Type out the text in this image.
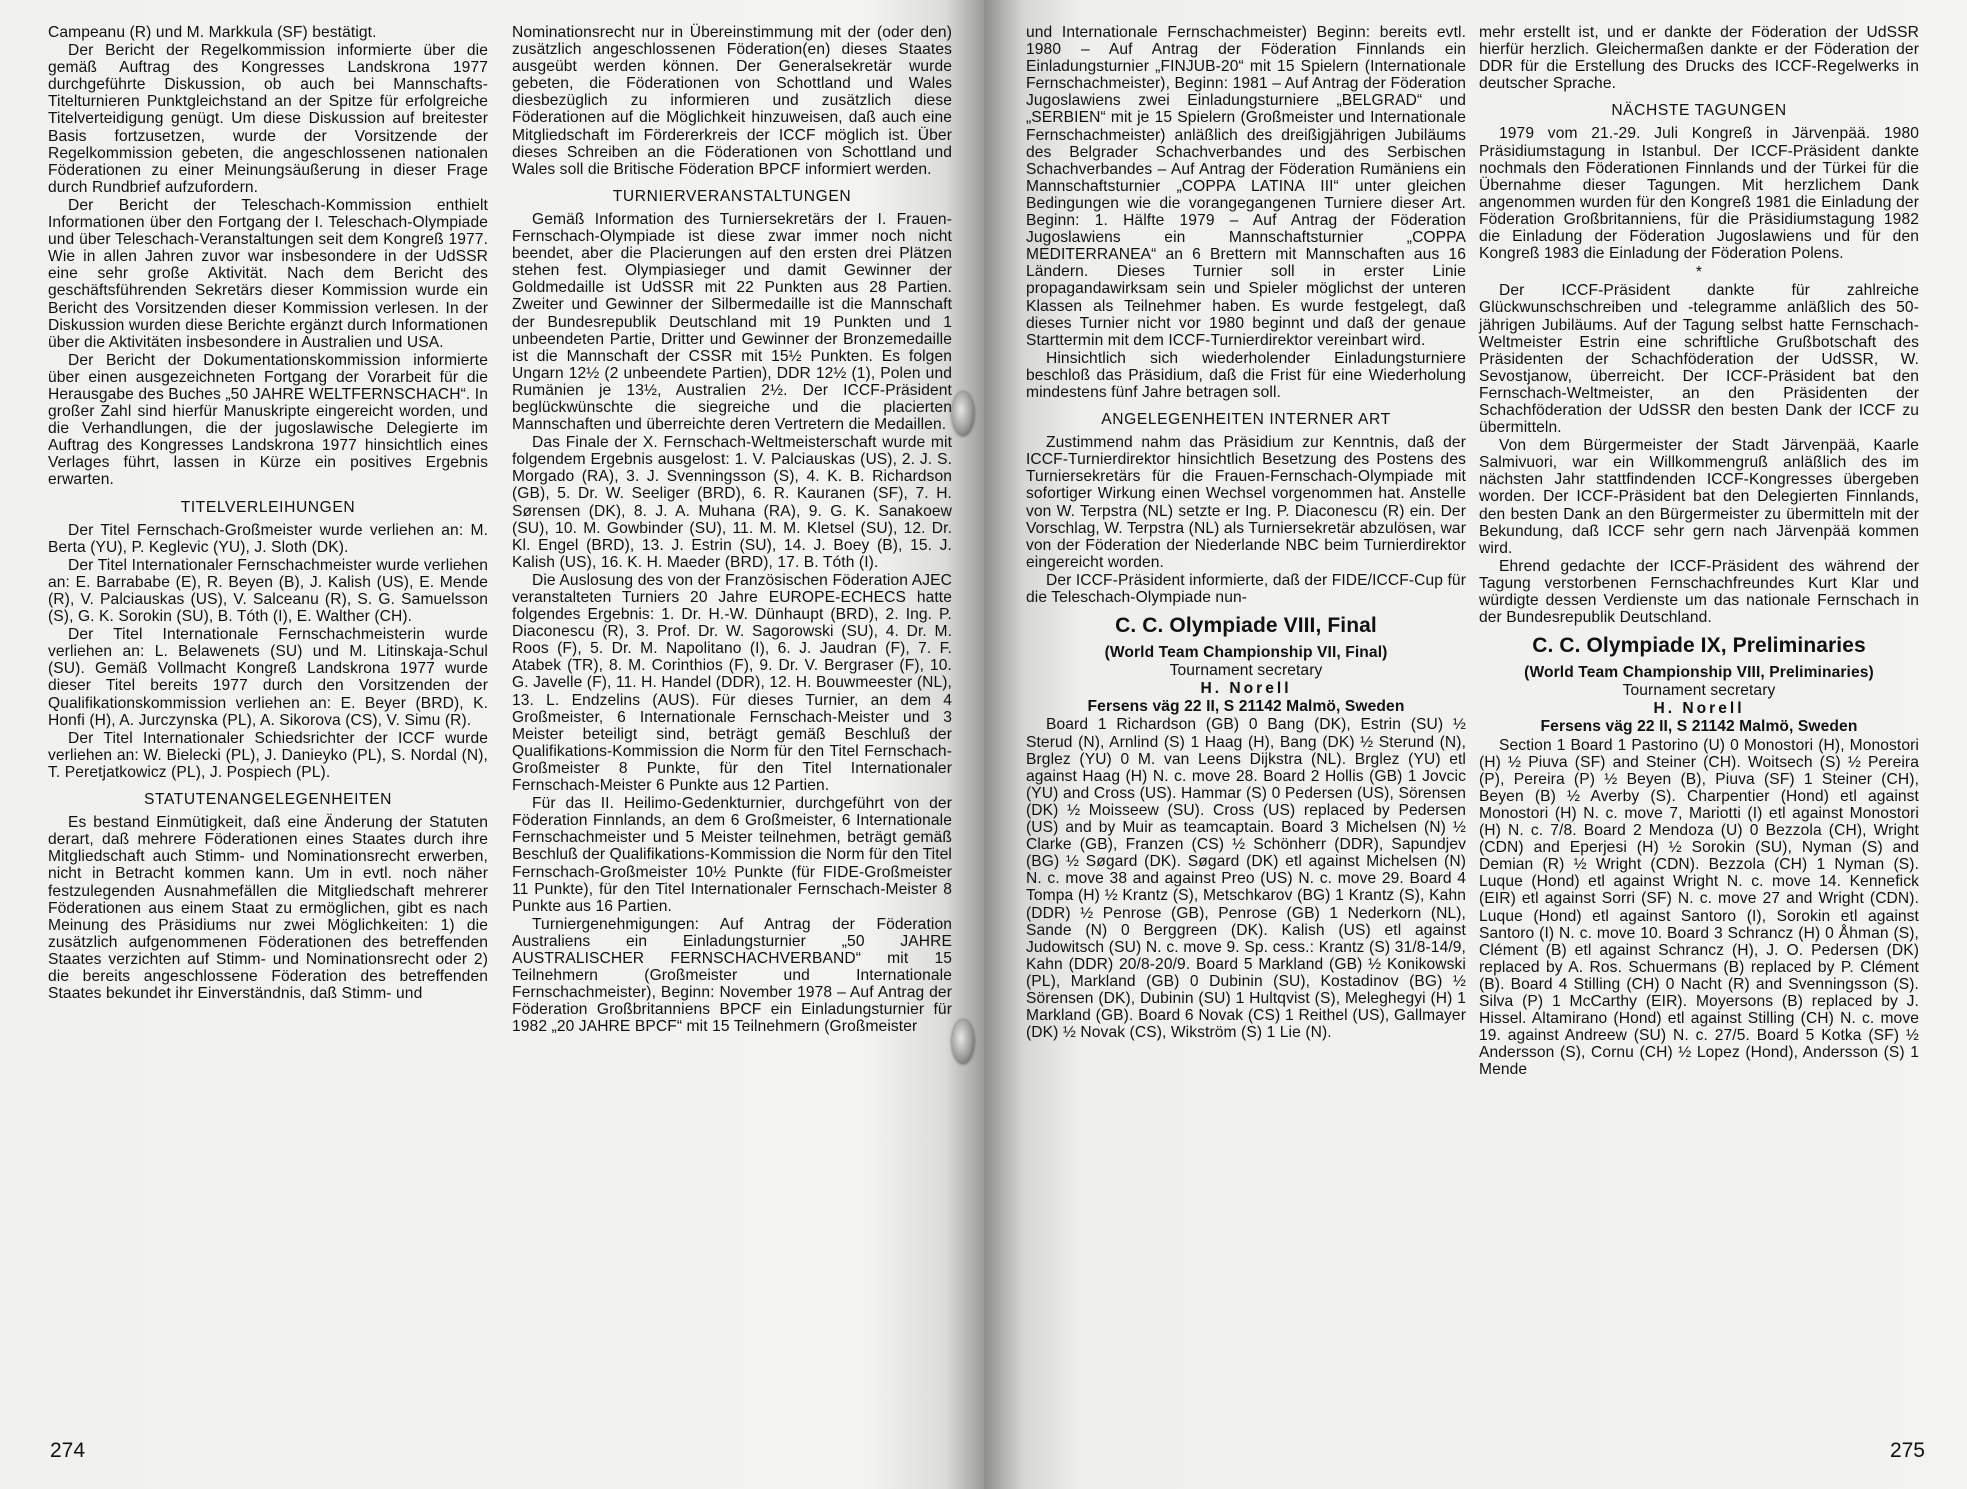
Campeanu (R) und M. Markkula (SF) bestätigt.

Der Bericht der Regelkommission informierte über die gemäß Auftrag des Kongresses Landskrona 1977 durchgeführte Diskussion, ob auch bei Mannschafts-Titelturnieren Punktgleichstand an der Spitze für erfolgreiche Titelverteidigung genügt. Um diese Diskussion auf breitester Basis fortzusetzen, wurde der Vorsitzende der Regelkommission gebeten, die angeschlossenen nationalen Föderationen zu einer Meinungsäußerung in dieser Frage durch Rundbrief aufzufordern.

Der Bericht der Teleschach-Kommission enthielt Informationen über den Fortgang der I. Teleschach-Olympiade und über Teleschach-Veranstaltungen seit dem Kongreß 1977. Wie in allen Jahren zuvor war insbesondere in der UdSSR eine sehr große Aktivität. Nach dem Bericht des geschäftsführenden Sekretärs dieser Kommission wurde ein Bericht des Vorsitzenden dieser Kommission verlesen. In der Diskussion wurden diese Berichte ergänzt durch Informationen über die Aktivitäten insbesondere in Australien und USA.

Der Bericht der Dokumentationskommission informierte über einen ausgezeichneten Fortgang der Vorarbeit für die Herausgabe des Buches „50 JAHRE WELTFERNSCHACH“. In großer Zahl sind hierfür Manuskripte eingereicht worden, und die Verhandlungen, die der jugoslawische Delegierte im Auftrag des Kongresses Landskrona 1977 hinsichtlich eines Verlages führt, lassen in Kürze ein positives Ergebnis erwarten.

TITELVERLEIHUNGEN

Der Titel Fernschach-Großmeister wurde verliehen an: M. Berta (YU), P. Keglevic (YU), J. Sloth (DK).

Der Titel Internationaler Fernschachmeister wurde verliehen an: E. Barrababe (E), R. Beyen (B), J. Kalish (US), E. Mende (R), V. Palciauskas (US), V. Salceanu (R), S. G. Samuelsson (S), G. K. Sorokin (SU), B. Tóth (I), E. Walther (CH).

Der Titel Internationale Fernschachmeisterin wurde verliehen an: L. Belawenets (SU) und M. Litinskaja-Schul (SU). Gemäß Vollmacht Kongreß Landskrona 1977 wurde dieser Titel bereits 1977 durch den Vorsitzenden der Qualifikationskommission verliehen an: E. Beyer (BRD), K. Honfi (H), A. Jurczynska (PL), A. Sikorova (CS), V. Simu (R).

Der Titel Internationaler Schiedsrichter der ICCF wurde verliehen an: W. Bielecki (PL), J. Danieyko (PL), S. Nordal (N), T. Peretjatkowicz (PL), J. Pospiech (PL).

STATUTENANGELEGENHEITEN

Es bestand Einmütigkeit, daß eine Änderung der Statuten derart, daß mehrere Föderationen eines Staates durch ihre Mitgliedschaft auch Stimm- und Nominationsrecht erwerben, nicht in Betracht kommen kann. Um in evtl. noch näher festzulegenden Ausnahmefällen die Mitgliedschaft mehrerer Föderationen aus einem Staat zu ermöglichen, gibt es nach Meinung des Präsidiums nur zwei Möglichkeiten: 1) die zusätzlich aufgenommenen Föderationen des betreffenden Staates verzichten auf Stimm- und Nominationsrecht oder 2) die bereits angeschlossene Föderation des betreffenden Staates bekundet ihr Einverständnis, daß Stimm- und

Nominationsrecht nur in Übereinstimmung mit der (oder den) zusätzlich angeschlossenen Föderation(en) dieses Staates ausgeübt werden können. Der Generalsekretär wurde gebeten, die Föderationen von Schottland und Wales diesbezüglich zu informieren und zusätzlich diese Föderationen auf die Möglichkeit hinzuweisen, daß auch eine Mitgliedschaft im Fördererkreis der ICCF möglich ist. Über dieses Schreiben an die Föderationen von Schottland und Wales soll die Britische Föderation BPCF informiert werden.

TURNIERVERANSTALTUNGEN

Gemäß Information des Turniersekretärs der I. Frauen-Fernschach-Olympiade ist diese zwar immer noch nicht beendet, aber die Placierungen auf den ersten drei Plätzen stehen fest. Olympiasieger und damit Gewinner der Goldmedaille ist UdSSR mit 22 Punkten aus 28 Partien. Zweiter und Gewinner der Silbermedaille ist die Mannschaft der Bundesrepublik Deutschland mit 19 Punkten und 1 unbeendeten Partie, Dritter und Gewinner der Bronzemedaille ist die Mannschaft der CSSR mit 15½ Punkten. Es folgen Ungarn 12½ (2 unbeendete Partien), DDR 12½ (1), Polen und Rumänien je 13½, Australien 2½. Der ICCF-Präsident beglückwünschte die siegreiche und die placierten Mannschaften und überreichte deren Vertretern die Medaillen.

Das Finale der X. Fernschach-Weltmeisterschaft wurde mit folgendem Ergebnis ausgelost: 1. V. Palciauskas (US), 2. J. S. Morgado (RA), 3. J. Svenningsson (S), 4. K. B. Richardson (GB), 5. Dr. W. Seeliger (BRD), 6. R. Kauranen (SF), 7. H. Sørensen (DK), 8. J. A. Muhana (RA), 9. G. K. Sanakoew (SU), 10. M. Gowbinder (SU), 11. M. M. Kletsel (SU), 12. Dr. Kl. Engel (BRD), 13. J. Estrin (SU), 14. J. Boey (B), 15. J. Kalish (US), 16. K. H. Maeder (BRD), 17. B. Tóth (I).

Die Auslosung des von der Französischen Föderation AJEC veranstalteten Turniers 20 Jahre EUROPE-ECHECS hatte folgendes Ergebnis: 1. Dr. H.-W. Dünhaupt (BRD), 2. Ing. P. Diaconescu (R), 3. Prof. Dr. W. Sagorowski (SU), 4. Dr. M. Roos (F), 5. Dr. M. Napolitano (I), 6. J. Jaudran (F), 7. F. Atabek (TR), 8. M. Corinthios (F), 9. Dr. V. Bergraser (F), 10. G. Javelle (F), 11. H. Handel (DDR), 12. H. Bouwmeester (NL), 13. L. Endzelins (AUS). Für dieses Turnier, an dem 4 Großmeister, 6 Internationale Fernschach-Meister und 3 Meister beteiligt sind, beträgt gemäß Beschluß der Qualifikations-Kommission die Norm für den Titel Fernschach-Großmeister 8 Punkte, für den Titel Internationaler Fernschach-Meister 6 Punkte aus 12 Partien.

Für das II. Heilimo-Gedenkturnier, durchgeführt von der Föderation Finnlands, an dem 6 Großmeister, 6 Internationale Fernschachmeister und 5 Meister teilnehmen, beträgt gemäß Beschluß der Qualifikations-Kommission die Norm für den Titel Fernschach-Großmeister 10½ Punkte (für FIDE-Großmeister 11 Punkte), für den Titel Internationaler Fernschach-Meister 8 Punkte aus 16 Partien.

Turniergenehmigungen: Auf Antrag der Föderation Australiens ein Einladungsturnier „50 JAHRE AUSTRALISCHER FERNSCHACHVERBAND“ mit 15 Teilnehmern (Großmeister und Internationale Fernschachmeister), Beginn: November 1978 – Auf Antrag der Föderation Großbritanniens BPCF ein Einladungsturnier für 1982 „20 JAHRE BPCF“ mit 15 Teilnehmern (Großmeister

274

und Internationale Fernschachmeister) Beginn: bereits evtl. 1980 – Auf Antrag der Föderation Finnlands ein Einladungsturnier „FINJUB-20“ mit 15 Spielern (Internationale Fernschachmeister), Beginn: 1981 – Auf Antrag der Föderation Jugoslawiens zwei Einladungsturniere „BELGRAD“ und „SERBIEN“ mit je 15 Spielern (Großmeister und Internationale Fernschachmeister) anläßlich des dreißigjährigen Jubiläums des Belgrader Schachverbandes und des Serbischen Schachverbandes – Auf Antrag der Föderation Rumäniens ein Mannschaftsturnier „COPPA LATINA III“ unter gleichen Bedingungen wie die vorangegangenen Turniere dieser Art. Beginn: 1. Hälfte 1979 – Auf Antrag der Föderation Jugoslawiens ein Mannschaftsturnier „COPPA MEDITERRANEA“ an 6 Brettern mit Mannschaften aus 16 Ländern. Dieses Turnier soll in erster Linie propagandawirksam sein und Spieler möglichst der unteren Klassen als Teilnehmer haben. Es wurde festgelegt, daß dieses Turnier nicht vor 1980 beginnt und daß der genaue Starttermin mit dem ICCF-Turnierdirektor vereinbart wird.

Hinsichtlich sich wiederholender Einladungsturniere beschloß das Präsidium, daß die Frist für eine Wiederholung mindestens fünf Jahre betragen soll.

ANGELEGENHEITEN INTERNER ART

Zustimmend nahm das Präsidium zur Kenntnis, daß der ICCF-Turnierdirektor hinsichtlich Besetzung des Postens des Turniersekretärs für die Frauen-Fernschach-Olympiade mit sofortiger Wirkung einen Wechsel vorgenommen hat. Anstelle von W. Terpstra (NL) setzte er Ing. P. Diaconescu (R) ein. Der Vorschlag, W. Terpstra (NL) als Turniersekretär abzulösen, war von der Föderation der Niederlande NBC beim Turnierdirektor eingereicht worden.

Der ICCF-Präsident informierte, daß der FIDE/ICCF-Cup für die Teleschach-Olympiade nun-

C. C. Olympiade VIII, Final

(World Team Championship VII, Final)

Tournament secretary

H. Norell

Fersens väg 22 II, S 21142 Malmö, Sweden

Board 1 Richardson (GB) 0 Bang (DK), Estrin (SU) ½ Sterud (N), Arnlind (S) 1 Haag (H), Bang (DK) ½ Sterund (N), Brglez (YU) 0 M. van Leens Dijkstra (NL). Brglez (YU) etl against Haag (H) N. c. move 28. Board 2 Hollis (GB) 1 Jovcic (YU) and Cross (US). Hammar (S) 0 Pedersen (US), Sörensen (DK) ½ Moisseew (SU). Cross (US) replaced by Pedersen (US) and by Muir as teamcaptain. Board 3 Michelsen (N) ½ Clarke (GB), Franzen (CS) ½ Schönherr (DDR), Sapundjev (BG) ½ Søgard (DK). Søgard (DK) etl against Michelsen (N) N. c. move 38 and against Preo (US) N. c. move 29. Board 4 Tompa (H) ½ Krantz (S), Metschkarov (BG) 1 Krantz (S), Kahn (DDR) ½ Penrose (GB), Penrose (GB) 1 Nederkorn (NL), Sande (N) 0 Berggreen (DK). Kalish (US) etl against Judowitsch (SU) N. c. move 9. Sp. cess.: Krantz (S) 31/8-14/9, Kahn (DDR) 20/8-20/9. Board 5 Markland (GB) ½ Konikowski (PL), Markland (GB) 0 Dubinin (SU), Kostadinov (BG) ½ Sörensen (DK), Dubinin (SU) 1 Hultqvist (S), Meleghegyi (H) 1 Markland (GB). Board 6 Novak (CS) 1 Reithel (US), Gallmayer (DK) ½ Novak (CS), Wikström (S) 1 Lie (N).

mehr erstellt ist, und er dankte der Föderation der UdSSR hierfür herzlich. Gleichermaßen dankte er der Föderation der DDR für die Erstellung des Drucks des ICCF-Regelwerks in deutscher Sprache.

NÄCHSTE TAGUNGEN

1979 vom 21.-29. Juli Kongreß in Järvenpää. 1980 Präsidiumstagung in Istanbul. Der ICCF-Präsident dankte nochmals den Föderationen Finnlands und der Türkei für die Übernahme dieser Tagungen. Mit herzlichem Dank angenommen wurden für den Kongreß 1981 die Einladung der Föderation Großbritanniens, für die Präsidiumstagung 1982 die Einladung der Föderation Jugoslawiens und für den Kongreß 1983 die Einladung der Föderation Polens.

*

Der ICCF-Präsident dankte für zahlreiche Glückwunschschreiben und -telegramme anläßlich des 50-jährigen Jubiläums. Auf der Tagung selbst hatte Fernschach-Weltmeister Estrin eine schriftliche Grußbotschaft des Präsidenten der Schachföderation der UdSSR, W. Sevostjanow, überreicht. Der ICCF-Präsident bat den Fernschach-Weltmeister, an den Präsidenten der Schachföderation der UdSSR den besten Dank der ICCF zu übermitteln.

Von dem Bürgermeister der Stadt Järvenpää, Kaarle Salmivuori, war ein Willkommengruß anläßlich des im nächsten Jahr stattfindenden ICCF-Kongresses übergeben worden. Der ICCF-Präsident bat den Delegierten Finnlands, den besten Dank an den Bürgermeister zu übermitteln mit der Bekundung, daß ICCF sehr gern nach Järvenpää kommen wird.

Ehrend gedachte der ICCF-Präsident des während der Tagung verstorbenen Fernschachfreundes Kurt Klar und würdigte dessen Verdienste um das nationale Fernschach in der Bundesrepublik Deutschland.

C. C. Olympiade IX, Preliminaries

(World Team Championship VIII, Preliminaries)

Tournament secretary

H. Norell

Fersens väg 22 II, S 21142 Malmö, Sweden

Section 1 Board 1 Pastorino (U) 0 Monostori (H), Monostori (H) ½ Piuva (SF) and Steiner (CH). Woitsech (S) ½ Pereira (P), Pereira (P) ½ Beyen (B), Piuva (SF) 1 Steiner (CH), Beyen (B) ½ Averby (S). Charpentier (Hond) etl against Monostori (H) N. c. move 7, Mariotti (I) etl against Monostori (H) N. c. 7/8. Board 2 Mendoza (U) 0 Bezzola (CH), Wright (CDN) and Eperjesi (H) ½ Sorokin (SU), Nyman (S) and Demian (R) ½ Wright (CDN). Bezzola (CH) 1 Nyman (S). Luque (Hond) etl against Wright N. c. move 14. Kennefick (EIR) etl against Sorri (SF) N. c. move 27 and Wright (CDN). Luque (Hond) etl against Santoro (I), Sorokin etl against Santoro (I) N. c. move 10. Board 3 Schrancz (H) 0 Åhman (S), Clément (B) etl against Schrancz (H), J. O. Pedersen (DK) replaced by A. Ros. Schuermans (B) replaced by P. Clément (B). Board 4 Stilling (CH) 0 Nacht (R) and Svenningsson (S). Silva (P) 1 McCarthy (EIR). Moyersons (B) replaced by J. Hissel. Altamirano (Hond) etl against Stilling (CH) N. c. move 19. against Andreew (SU) N. c. 27/5. Board 5 Kotka (SF) ½ Andersson (S), Cornu (CH) ½ Lopez (Hond), Andersson (S) 1 Mende

275
